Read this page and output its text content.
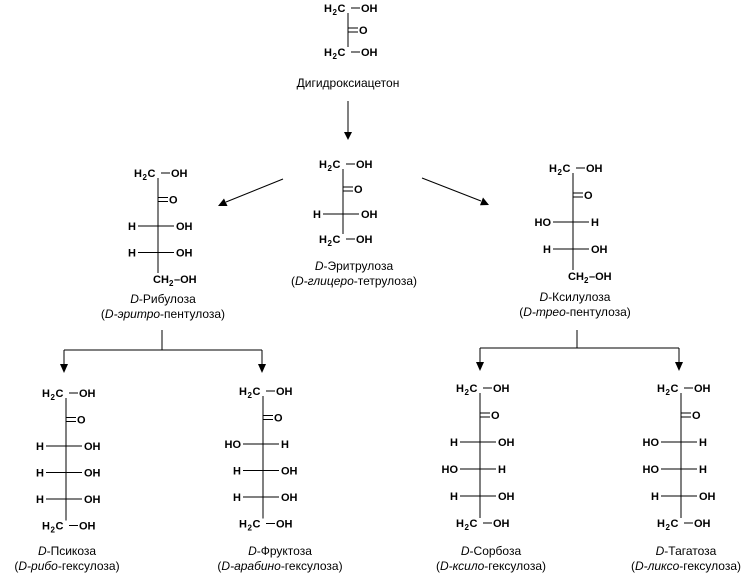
H 2 C OH
O
H 2 C OH
Дигидроксиацетон
H 2 C OH
O
H	OH
H 2 C OH
D-Эритрулоза
(D-глицеро-тетрулоза)
H 2 C OH
O
H	OH
H	OH
CH 2 –OH
D-Рибулоза
(D-эритро-пентулоза)
H 2 C OH
O
HO	H
H	OH
CH 2 –OH
D-Ксилулоза
(D-трео-пентулоза)
H 2 C OH
O
H	OH
H	OH
H	OH
H 2 C OH
D-Псикоза
(D-рибо-гексулоза)
H 2 C OH
O
HO	H
H	OH
H	OH
H 2 C OH
D-Фруктоза
(D-арабино-гексулоза)
H 2 C OH
O
H	OH
HO	H
H	OH
H 2 C OH
D-Сорбоза
(D-ксило-гексулоза)
H 2 C OH
O
HO	H
HO	H
H	OH
H 2 C OH
D-Тагатоза
(D-ликсо-гексулоза)
